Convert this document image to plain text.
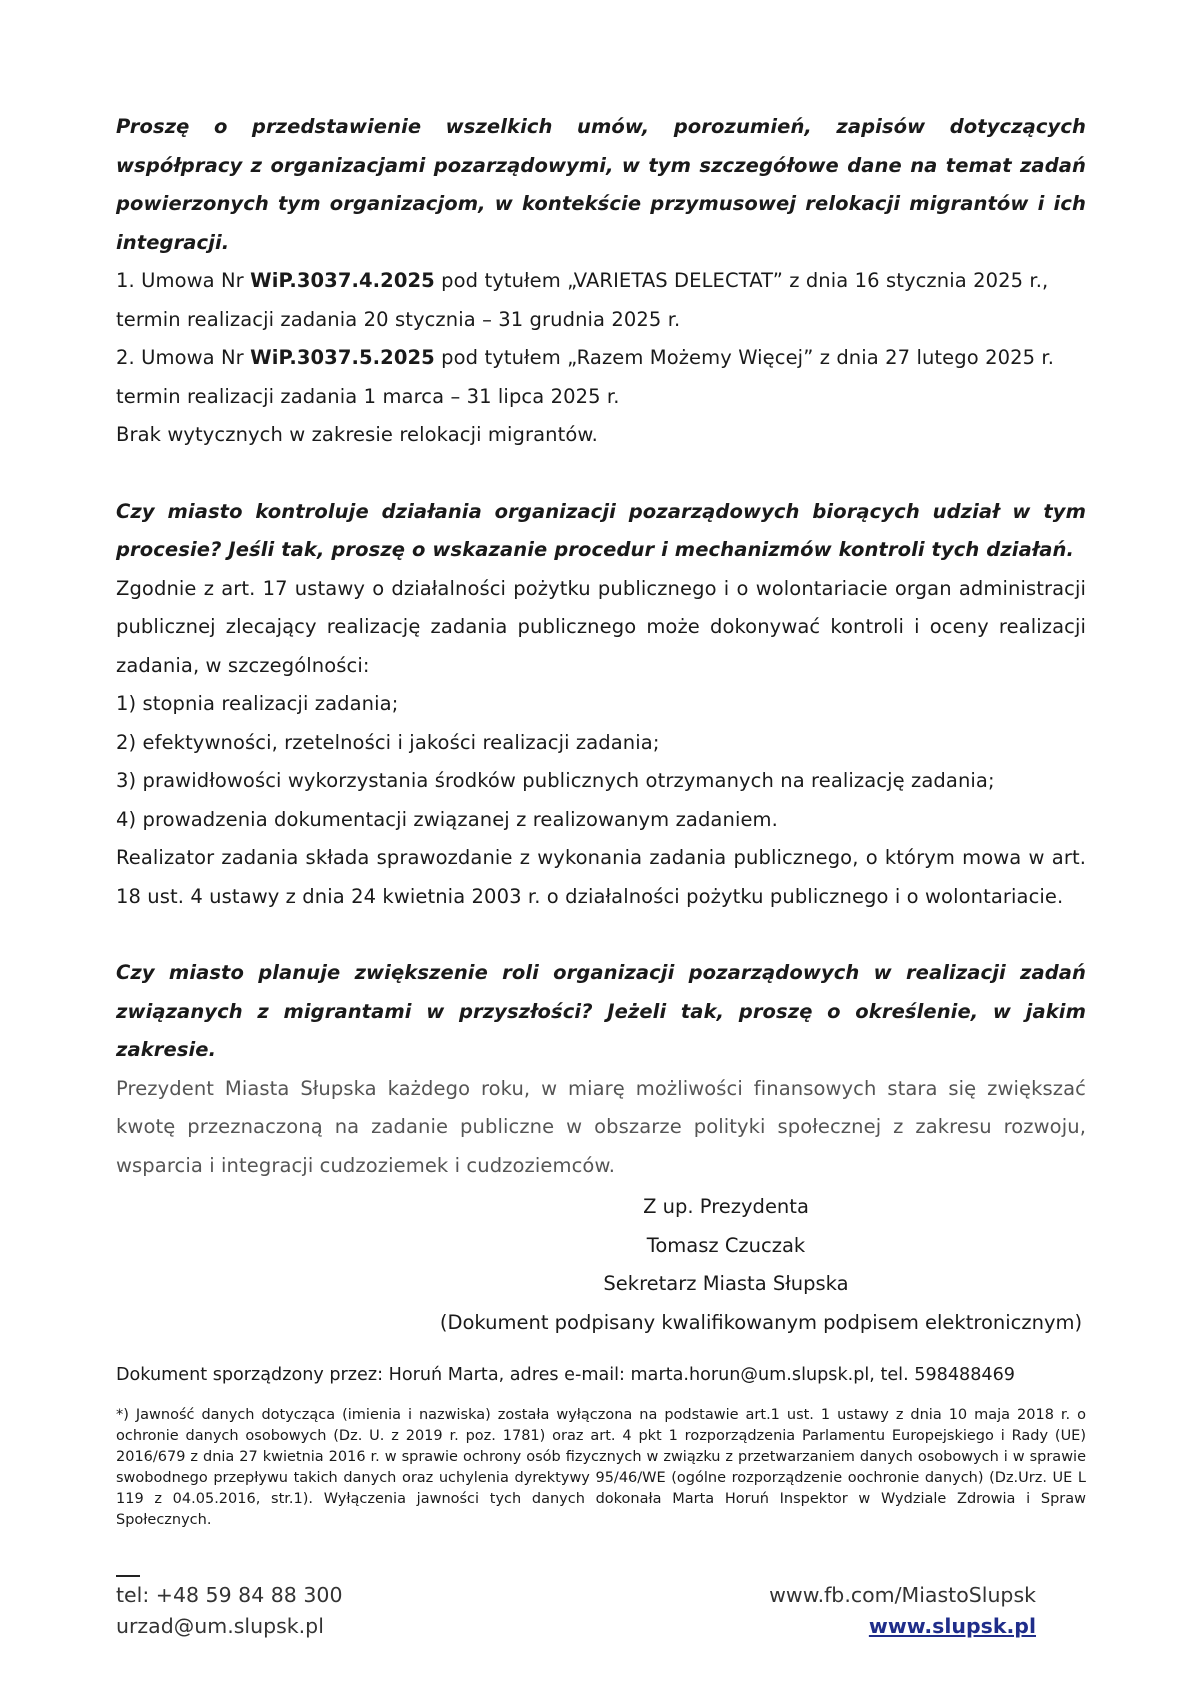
Proszę o przedstawienie wszelkich umów, porozumień, zapisów dotyczących współpracy z organizacjami pozarządowymi, w tym szczegółowe dane na temat zadań powierzonych tym organizacjom, w kontekście przymusowej relokacji migrantów i ich integracji.

1. Umowa Nr WiP.3037.4.2025 pod tytułem „VARIETAS DELECTAT” z dnia 16 stycznia 2025 r.,

termin realizacji zadania 20 stycznia – 31 grudnia 2025 r.

2. Umowa Nr WiP.3037.5.2025 pod tytułem „Razem Możemy Więcej” z dnia 27 lutego 2025 r.

termin realizacji zadania 1 marca – 31 lipca 2025 r.

Brak wytycznych w zakresie relokacji migrantów.

Czy miasto kontroluje działania organizacji pozarządowych biorących udział w tym procesie? Jeśli tak, proszę o wskazanie procedur i mechanizmów kontroli tych działań.

Zgodnie z art. 17 ustawy o działalności pożytku publicznego i o wolontariacie organ administracji publicznej zlecający realizację zadania publicznego może dokonywać kontroli i oceny realizacji zadania, w szczególności:

1) stopnia realizacji zadania;

2) efektywności, rzetelności i jakości realizacji zadania;

3) prawidłowości wykorzystania środków publicznych otrzymanych na realizację zadania;

4) prowadzenia dokumentacji związanej z realizowanym zadaniem.

Realizator zadania składa sprawozdanie z wykonania zadania publicznego, o którym mowa w art. 18 ust. 4 ustawy z dnia 24 kwietnia 2003 r. o działalności pożytku publicznego i o wolontariacie.

Czy miasto planuje zwiększenie roli organizacji pozarządowych w realizacji zadań związanych z migrantami w przyszłości? Jeżeli tak, proszę o określenie, w jakim zakresie.

Prezydent Miasta Słupska każdego roku, w miarę możliwości finansowych stara się zwiększać kwotę przeznaczoną na zadanie publiczne w obszarze polityki społecznej z zakresu rozwoju, wsparcia i integracji cudzoziemek i cudzoziemców.

Z up. Prezydenta

Tomasz Czuczak

Sekretarz Miasta Słupska

(Dokument podpisany kwalifikowanym podpisem elektronicznym)

Dokument sporządzony przez: Horuń Marta, adres e-mail: marta.horun@um.slupsk.pl, tel. 598488469
*) Jawność danych dotycząca (imienia i nazwiska) została wyłączona na podstawie art.1 ust. 1 ustawy z dnia 10 maja 2018 r. o ochronie danych osobowych (Dz. U. z 2019 r. poz. 1781) oraz art. 4 pkt 1 rozporządzenia Parlamentu Europejskiego i Rady (UE) 2016/679 z dnia 27 kwietnia 2016 r. w sprawie ochrony osób fizycznych w związku z przetwarzaniem danych osobowych i w sprawie swobodnego przepływu takich danych oraz uchylenia dyrektywy 95/46/WE (ogólne rozporządzenie oochronie danych) (Dz.Urz. UE L 119 z 04.05.2016, str.1). Wyłączenia jawności tych danych dokonała Marta Horuń Inspektor w Wydziale Zdrowia i Spraw Społecznych.
tel: +48 59 84 88 300
urzad@um.slupsk.pl
www.fb.com/MiastoSlupsk
www.slupsk.pl
